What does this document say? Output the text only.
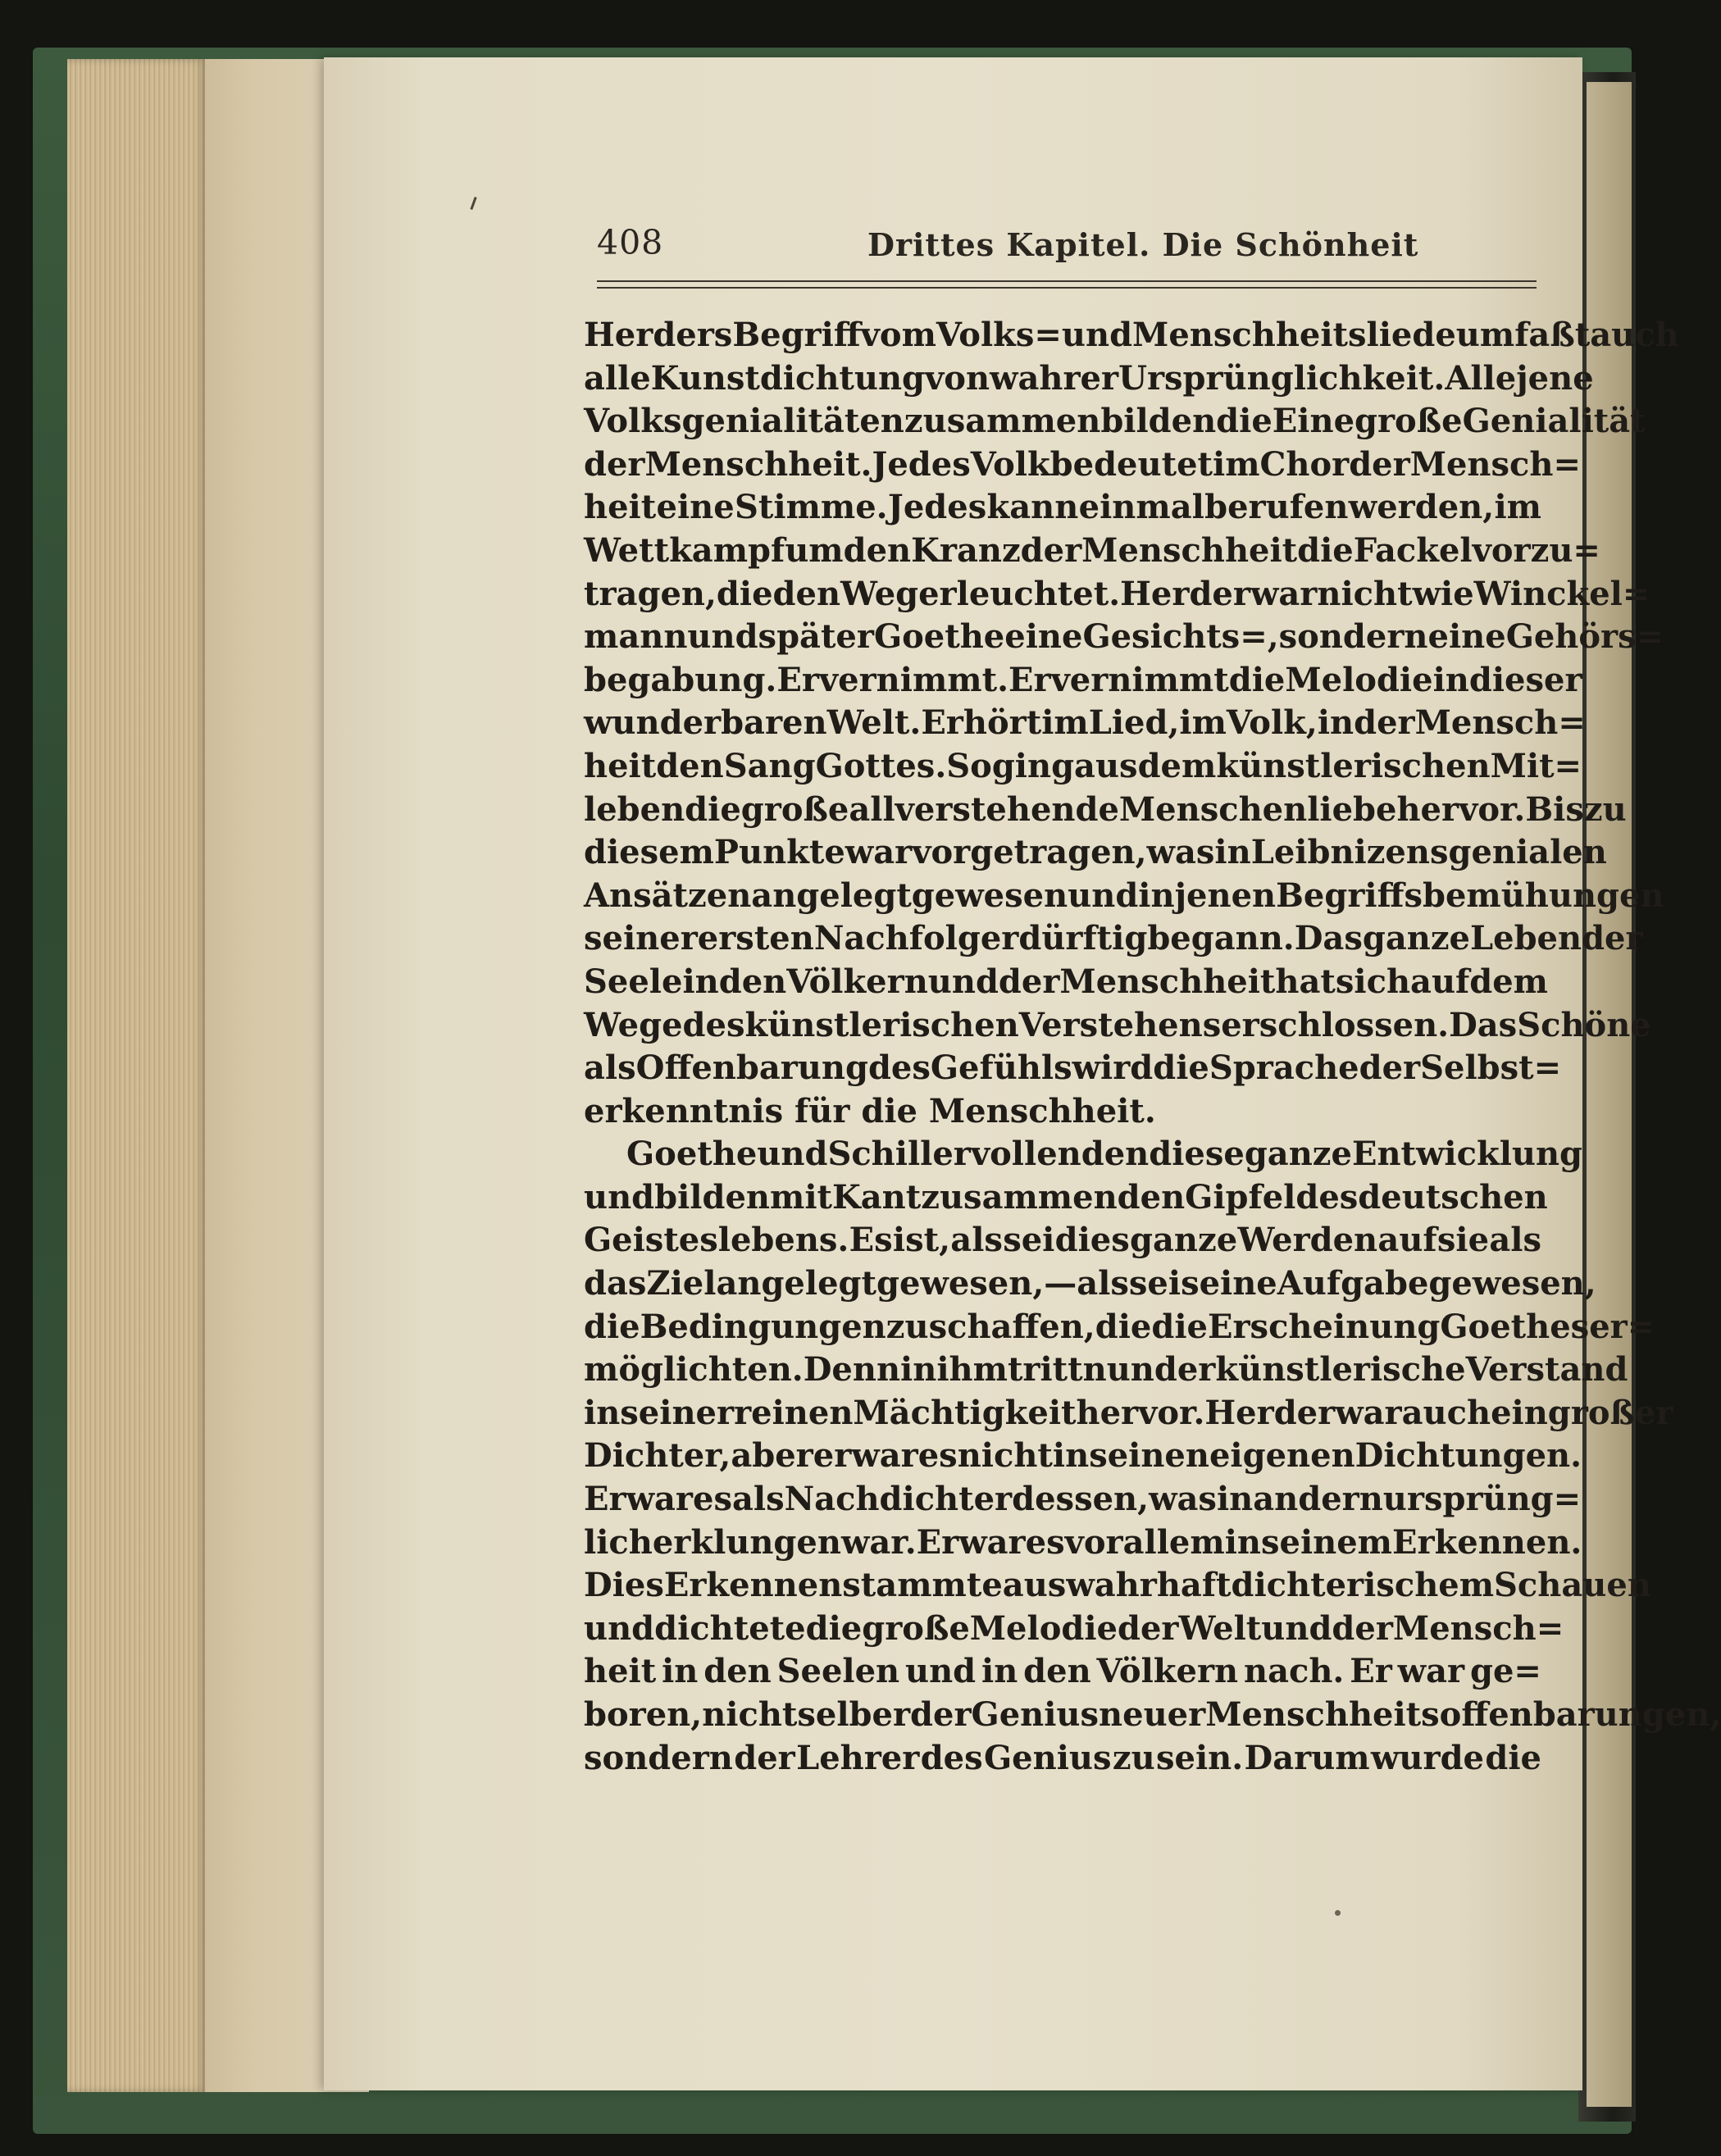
408	Drittes Kapitel. Die Schönheit
Herders Begriff vom Volks= und Menschheitsliede umfaßt auch
alle Kunstdichtung von wahrer Ursprünglichkeit. Alle jene
Volksgenialitäten zusammen bilden die Eine große Genialität
der Menschheit. Jedes Volk bedeutet im Chor der Mensch=
heit eine Stimme. Jedes kann einmal berufen werden, im
Wettkampf um den Kranz der Menschheit die Fackel vorzu=
tragen, die den Weg erleuchtet. Herder war nicht wie Winckel=
mann und später Goethe eine Gesichts=, sondern eine Gehörs=
begabung. Er vernimmt. Er vernimmt die Melodie in dieser
wunderbaren Welt. Er hört im Lied, im Volk, in der Mensch=
heit den Sang Gottes. So ging aus dem künstlerischen Mit=
leben die große allverstehende Menschenliebe hervor. Bis zu
diesem Punkte war vorgetragen, was in Leibnizens genialen
Ansätzen angelegt gewesen und in jenen Begriffsbemühungen
seiner ersten Nachfolger dürftig begann. Das ganze Leben der
Seele in den Völkern und der Menschheit hat sich auf dem
Wege des künstlerischen Verstehens erschlossen. Das Schöne
als Offenbarung des Gefühls wird die Sprache der Selbst=
erkenntnis für die Menschheit.
Goethe und Schiller vollenden diese ganze Entwicklung
und bilden mit Kant zusammen den Gipfel des deutschen
Geisteslebens. Es ist, als sei dies ganze Werden auf sie als
das Ziel angelegt gewesen, — als sei seine Aufgabe gewesen,
die Bedingungen zu schaffen, die die Erscheinung Goethes er=
möglichten. Denn in ihm tritt nun der künstlerische Verstand
in seiner reinen Mächtigkeit hervor. Herder war auch ein großer
Dichter, aber er war es nicht in seinen eigenen Dichtungen.
Er war es als Nachdichter dessen, was in andern ursprüng=
lich erklungen war. Er war es vor allem in seinem Erkennen.
Dies Erkennen stammte aus wahrhaft dichterischem Schauen
und dichtete die große Melodie der Welt und der Mensch=
heit in den Seelen und in den Völkern nach. Er war ge=
boren, nicht selber der Genius neuer Menschheitsoffenbarungen,
sondern der Lehrer des Genius zu sein. Darum wurde die
